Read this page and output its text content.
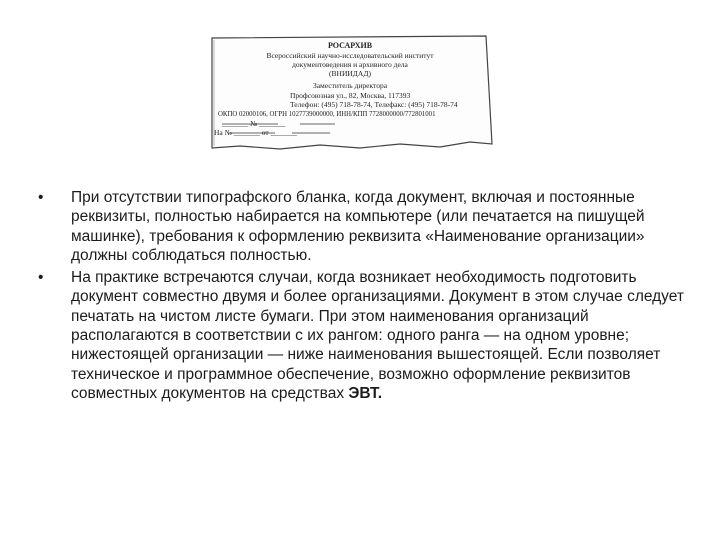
РОСАРХИВ
Всероссийский научно-исследовательский институт
документоведения и архивного дела
(ВНИИДАД)
Заместитель директора
Профсоюзная ул., 82, Москва, 117393
Телефон: (495) 718-78-74, Телефакс: (495) 718-78-74
ОКПО 02000106, ОГРН 1027739000000, ИНН/КПП 7728000000/772801001
_______ № _______
На № _______ от _______
• При отсутствии типографского бланка, когда документ, включая и постоянные реквизиты, полностью набирается на компьютере (или печатается на пишущей машинке), требования к оформлению реквизита «Наименование организации» должны соблюдаться полностью.
• На практике встречаются случаи, когда возникает необходимость подготовить документ совместно двумя и более организациями. Документ в этом случае следует печатать на чистом листе бумаги. При этом наименования организаций располагаются в соответствии с их рангом: одного ранга — на одном уровне; нижестоящей организации — ниже наименования вышестоящей. Если позволяет техническое и программное обеспечение, возможно оформление реквизитов совместных документов на средствах ЭВТ.
